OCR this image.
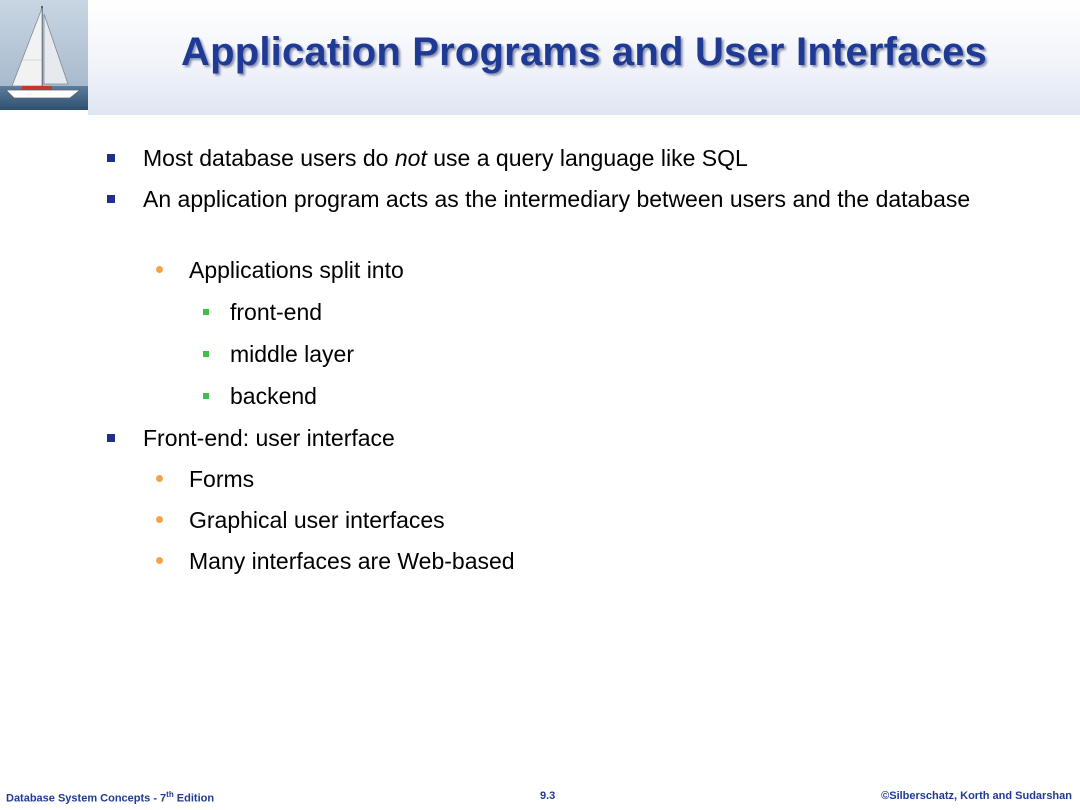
Application Programs and User Interfaces
Most database users do not use a query language like SQL
An application program acts as the intermediary between users and the database
Applications split into
front-end
middle layer
backend
Front-end: user interface
Forms
Graphical user interfaces
Many interfaces are Web-based
Database System Concepts - 7th Edition	9.3	©Silberschatz, Korth and Sudarshan
